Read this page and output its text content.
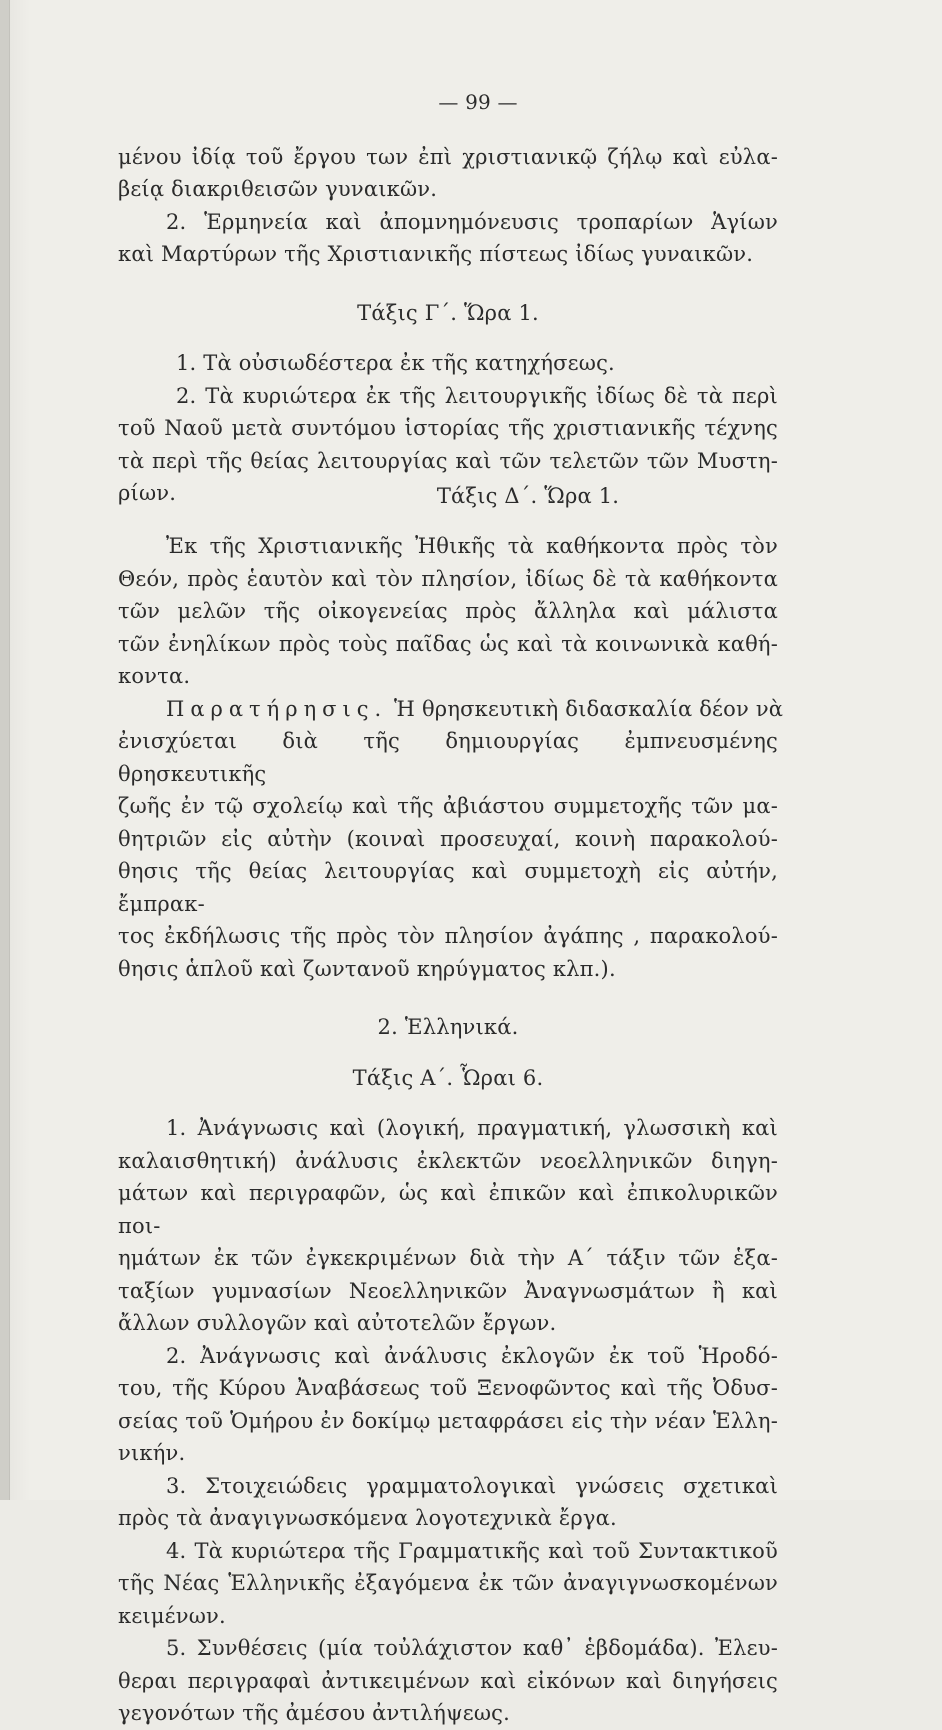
— 99 —
μένου ἰδίᾳ τοῦ ἔργου των ἐπὶ χριστιανικῷ ζήλῳ καὶ εὐλα-
βείᾳ διακριθεισῶν γυναικῶν.
2. Ἑρμηνεία καὶ ἀπομνημόνευσις τροπαρίων Ἁγίων
καὶ Μαρτύρων τῆς Χριστιανικῆς πίστεως ἰδίως γυναικῶν.
Τάξις Γ΄. Ὥρα 1.
1. Τὰ οὐσιωδέστερα ἐκ τῆς κατηχήσεως.
2. Τὰ κυριώτερα ἐκ τῆς λειτουργικῆς ἰδίως δὲ τὰ περὶ
τοῦ Ναοῦ μετὰ συντόμου ἱστορίας τῆς χριστιανικῆς τέχνης
τὰ περὶ τῆς θείας λειτουργίας καὶ τῶν τελετῶν τῶν Μυστη-
ρίων.	Τάξις Δ΄. Ὥρα 1.
Ἐκ τῆς Χριστιανικῆς Ἠθικῆς τὰ καθήκοντα πρὸς τὸν
Θεόν, πρὸς ἑαυτὸν καὶ τὸν πλησίον, ἰδίως δὲ τὰ καθήκοντα
τῶν μελῶν τῆς οἰκογενείας πρὸς ἄλληλα καὶ μάλιστα
τῶν ἐνηλίκων πρὸς τοὺς παῖδας ὡς καὶ τὰ κοινωνικὰ καθή-
κοντα.
Παρατήρησις. Ἡ θρησκευτικὴ διδασκαλία δέον νὰ
ἐνισχύεται διὰ τῆς δημιουργίας ἐμπνευσμένης θρησκευτικῆς
ζωῆς ἐν τῷ σχολείῳ καὶ τῆς ἀβιάστου συμμετοχῆς τῶν μα-
θητριῶν εἰς αὐτὴν (κοιναὶ προσευχαί, κοινὴ παρακολού-
θησις τῆς θείας λειτουργίας καὶ συμμετοχὴ εἰς αὐτήν, ἔμπρακ-
τος ἐκδήλωσις τῆς πρὸς τὸν πλησίον ἀγάπης , παρακολού-
θησις ἁπλοῦ καὶ ζωντανοῦ κηρύγματος κλπ.).
2. Ἑλληνικά.
Τάξις Α΄. Ὧραι 6.
1. Ἀνάγνωσις καὶ (λογική, πραγματική, γλωσσικὴ καὶ
καλαισθητική) ἀνάλυσις ἐκλεκτῶν νεοελληνικῶν διηγη-
μάτων καὶ περιγραφῶν, ὡς καὶ ἐπικῶν καὶ ἐπικολυρικῶν ποι-
ημάτων ἐκ τῶν ἐγκεκριμένων διὰ τὴν Α΄ τάξιν τῶν ἑξα-
ταξίων γυμνασίων Νεοελληνικῶν Ἀναγνωσμάτων ἢ καὶ
ἄλλων συλλογῶν καὶ αὐτοτελῶν ἔργων.
2. Ἀνάγνωσις καὶ ἀνάλυσις ἐκλογῶν ἐκ τοῦ Ἡροδό-
του, τῆς Κύρου Ἀναβάσεως τοῦ Ξενοφῶντος καὶ τῆς Ὀδυσ-
σείας τοῦ Ὁμήρου ἐν δοκίμῳ μεταφράσει εἰς τὴν νέαν Ἑλλη-
νικήν.
3. Στοιχειώδεις γραμματολογικαὶ γνώσεις σχετικαὶ
πρὸς τὰ ἀναγιγνωσκόμενα λογοτεχνικὰ ἔργα.
4. Τὰ κυριώτερα τῆς Γραμματικῆς καὶ τοῦ Συντακτικοῦ
τῆς Νέας Ἑλληνικῆς ἐξαγόμενα ἐκ τῶν ἀναγιγνωσκομένων
κειμένων.
5. Συνθέσεις (μία τοὐλάχιστον καθ᾽ ἑβδομάδα). Ἐλευ-
θεραι περιγραφαὶ ἀντικειμένων καὶ εἰκόνων καὶ διηγήσεις
γεγονότων τῆς ἀμέσου ἀντιλήψεως.
